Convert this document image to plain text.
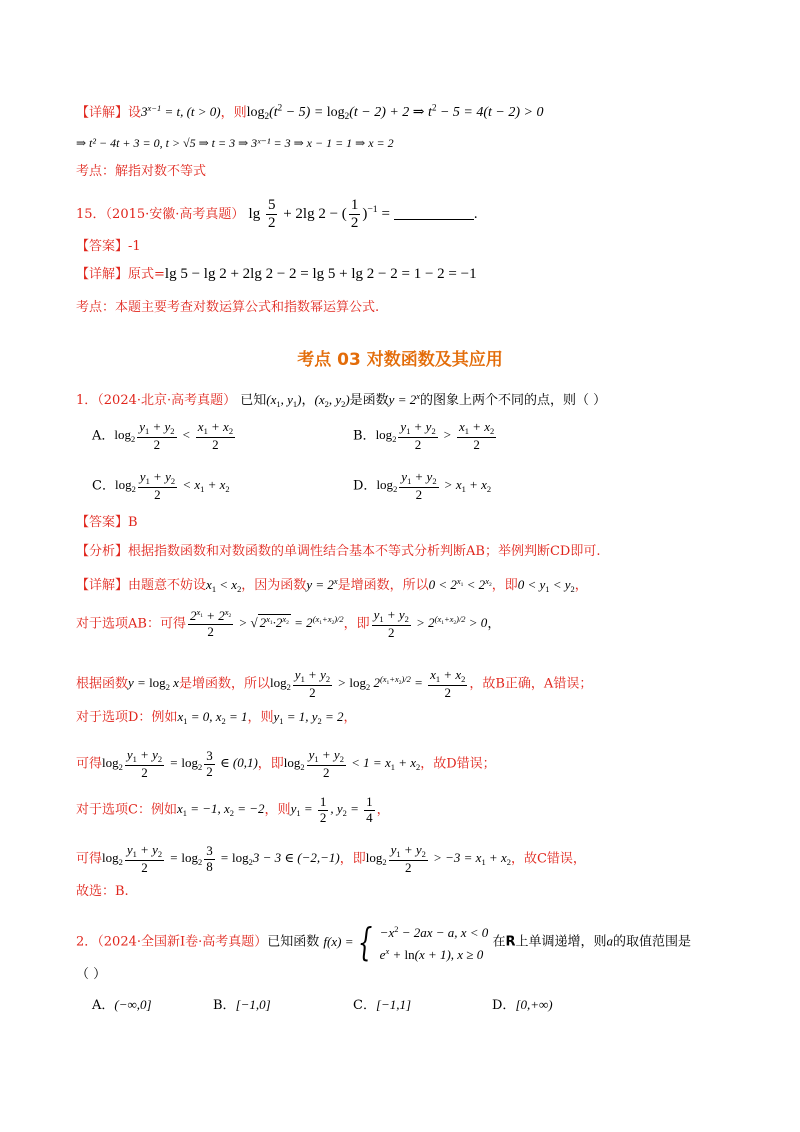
【详解】设$3^{x-1} = t$, (t > 0)，则$\log_2(t^2 - 5) = \log_2(t - 2) + 2$ ⇒ $t^2 - 5 = 4(t - 2) > 0$
⇒ t² − 4t + 3 = 0, t > √5 ⇒ t = 3 ⇒ 3ˣ⁻¹ = 3 ⇒ x − 1 = 1 ⇒ x = 2
考点：解指对数不等式
15．（2015·安徽·高考真题） $\lg \frac{5}{2} + 2\lg$ 2 − ( $\frac{1}{2} )^{-1}$ =	.
【答案】-1
【详解】原式=lg 5 − lg 2 + 2lg 2 − 2 = lg 5 + lg 2 − 2 = 1 − 2 = −1
考点：本题主要考查对数运算公式和指数幂运算公式.
考点 03 对数函数及其应用
1．（2024·北京·高考真题） 已知($x_1$, $y_1$)，($x_2$, $y_2$)是函数$y = 2^x$的图象上两个不同的点，则（ ）
A．$\log_2 \frac{y_1 + y_2}{2} < \frac{x_1 + x_2}{2}$	B．$\log_2 \frac{y_1 + y_2}{2} > \frac{x_1 + x_2}{2}$
C．$\log_2 \frac{y_1 + y_2}{2} < x_1 + x_2$	D．$\log_2 \frac{y_1 + y_2}{2} > x_1 + x_2$
【答案】B
【分析】根据指数函数和对数函数的单调性结合基本不等式分析判断AB；举例判断CD即可.
【详解】由题意不妨设$x_1 < x_2$，因为函数$y = 2^x$是增函数，所以$0 < 2^{x_1} < 2^{x_2}$，即$0 < y_1 < y_2$，
对于选项AB：可得 $\frac{2^{x_1} + 2^{x_2}}{2}$ > √ $2^{x_1}\cdot 2^{x_2} = 2^{(x_1+x_2)/2}$，即 $\frac{y_1 + y_2}{2} > 2^{(x_1+x_2)/2} > 0$，
根据函数$y = \log_2 x$是增函数，所以$\log_2 \frac{y_1 + y_2}{2} > \log_2 2^{(x_1+x_2)/2} = \frac{x_1 + x_2}{2}$ ，故B正确，A错误；
对于选项D：例如$x_1 = 0$, $x_2 = 1$，则$y_1 = 1$, $y_2 = 2$，
可得$\log_2 \frac{y_1 + y_2}{2} = \log_2 \frac{3}{2}$ ∈ (0,1)，即$\log_2 \frac{y_1 + y_2}{2} < 1 = x_1 + x_2$，故D错误；
对于选项C：例如$x_1 = -1$, $x_2 = -2$，则$y_1 = \frac{1}{2}$ , $y_2 = \frac{1}{4}$ ，
可得$\log_2 \frac{y_1 + y_2}{2} = \log_2 \frac{3}{8} = \log_23 - 3$ ∈ (−2,−1)，即$\log_2 \frac{y_1 + y_2}{2} > -3 = x_1 + x_2$，故C错误，
故选：B.
2．（2024·全国新Ⅰ卷·高考真题）已知函数 f(x) = { $-x^2 - 2ax - a$, x < 0
$e^x + \ln(x + 1)$, x ≥ 0
在R上单调递增，则a的取值范围是
（ ）
A．(−∞,0]	B．[−1,0]	C．[−1,1]	D．[0,+∞)
